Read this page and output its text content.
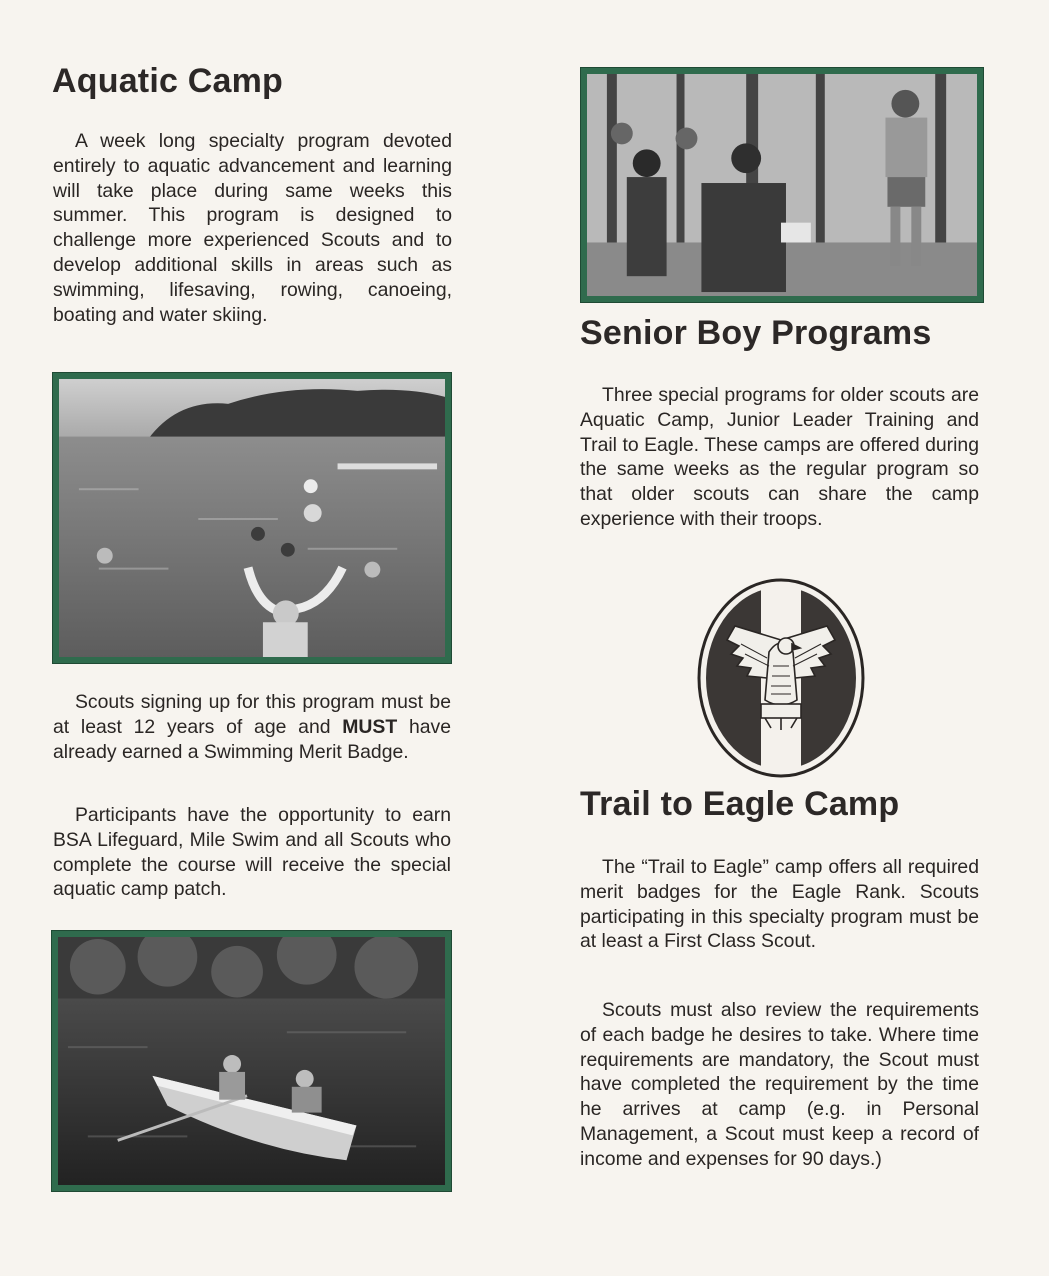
Aquatic Camp

A week long specialty program devoted entirely to aquatic advancement and learning will take place during same weeks this summer. This program is designed to challenge more experienced Scouts and to develop additional skills in areas such as swimming, lifesaving, rowing, canoeing, boating and water skiing.

Scouts signing up for this program must be at least 12 years of age and MUST have already earned a Swimming Merit Badge.

Participants have the opportunity to earn BSA Lifeguard, Mile Swim and all Scouts who complete the course will receive the special aquatic camp patch.

Senior Boy Programs

Three special programs for older scouts are Aquatic Camp, Junior Leader Training and Trail to Eagle. These camps are offered during the same weeks as the regular program so that older scouts can share the camp experience with their troops.

Trail to Eagle Camp

The “Trail to Eagle” camp offers all required merit badges for the Eagle Rank. Scouts participating in this specialty program must be at least a First Class Scout.

Scouts must also review the requirements of each badge he desires to take. Where time requirements are mandatory, the Scout must have completed the requirement by the time he arrives at camp (e.g. in Personal Management, a Scout must keep a record of income and expenses for 90 days.)
